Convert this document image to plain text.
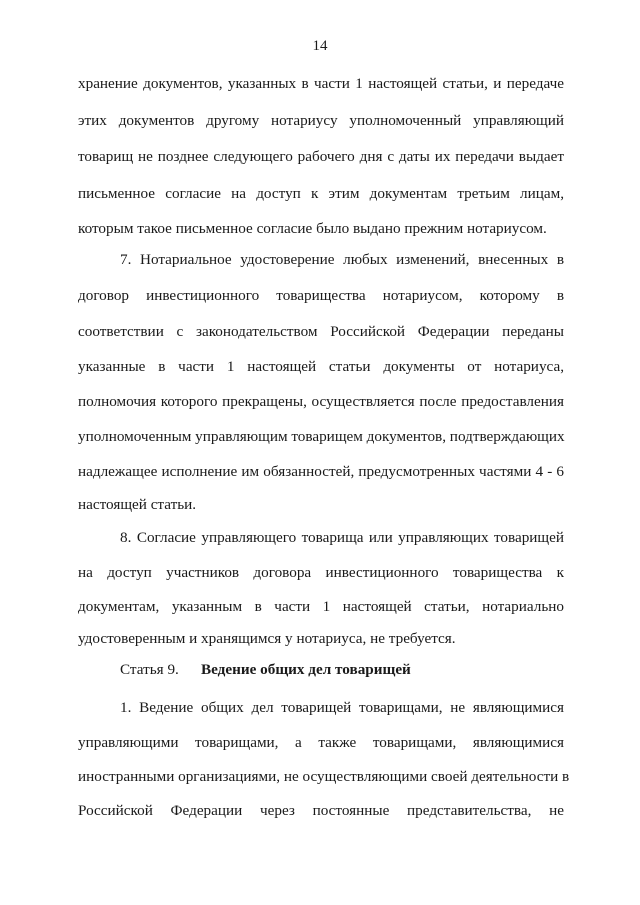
14
хранение документов, указанных в части 1 настоящей статьи, и передаче
этих документов другому нотариусу уполномоченный управляющий
товарищ не позднее следующего рабочего дня с даты их передачи выдает
письменное согласие на доступ к этим документам третьим лицам,
которым такое письменное согласие было выдано прежним нотариусом.
7. Нотариальное удостоверение любых изменений, внесенных в
договор инвестиционного товарищества нотариусом, которому в
соответствии с законодательством Российской Федерации переданы
указанные в части 1 настоящей статьи документы от нотариуса,
полномочия которого прекращены, осуществляется после предоставления
уполномоченным управляющим товарищем документов, подтверждающих
надлежащее исполнение им обязанностей, предусмотренных частями 4 - 6
настоящей статьи.
8. Согласие управляющего товарища или управляющих товарищей
на доступ участников договора инвестиционного товарищества к
документам, указанным в части 1 настоящей статьи, нотариально
удостоверенным и хранящимся у нотариуса, не требуется.
Статья 9. Ведение общих дел товарищей
1. Ведение общих дел товарищей товарищами, не являющимися
управляющими товарищами, а также товарищами, являющимися
иностранными организациями, не осуществляющими своей деятельности в
Российской Федерации через постоянные представительства, не
